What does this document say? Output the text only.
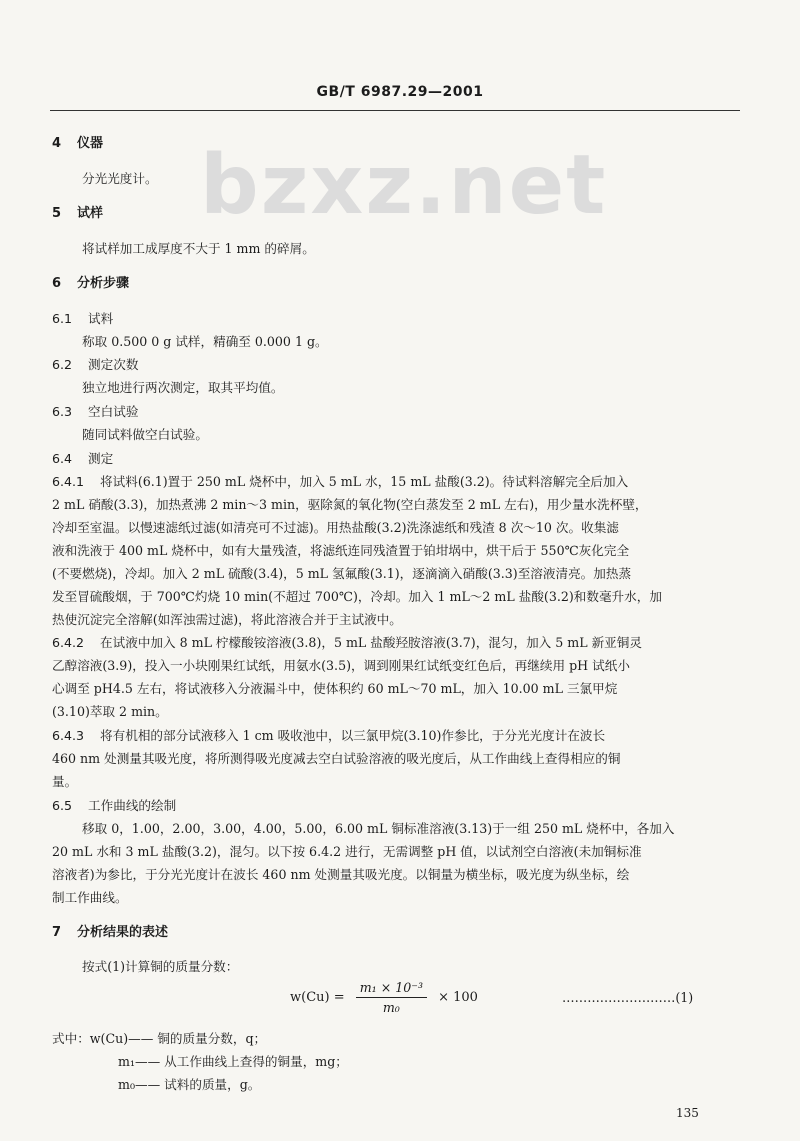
bzxz.net
GB/T 6987.29—2001
4 仪器
分光光度计。
5 试样
将试样加工成厚度不大于 1 mm 的碎屑。
6 分析步骤
6.1 试料
称取 0.500 0 g 试样，精确至 0.000 1 g。
6.2 测定次数
独立地进行两次测定，取其平均值。
6.3 空白试验
随同试料做空白试验。
6.4 测定
6.4.1 将试料(6.1)置于 250 mL 烧杯中，加入 5 mL 水，15 mL 盐酸(3.2)。待试料溶解完全后加入
2 mL 硝酸(3.3)，加热煮沸 2 min～3 min，驱除氮的氧化物(空白蒸发至 2 mL 左右)，用少量水洗杯壁，
冷却至室温。以慢速滤纸过滤(如清亮可不过滤)。用热盐酸(3.2)洗涤滤纸和残渣 8 次～10 次。收集滤
液和洗液于 400 mL 烧杯中，如有大量残渣，将滤纸连同残渣置于铂坩埚中，烘干后于 550℃灰化完全
(不要燃烧)，冷却。加入 2 mL 硫酸(3.4)，5 mL 氢氟酸(3.1)，逐滴滴入硝酸(3.3)至溶液清亮。加热蒸
发至冒硫酸烟，于 700℃灼烧 10 min(不超过 700℃)，冷却。加入 1 mL～2 mL 盐酸(3.2)和数毫升水，加
热使沉淀完全溶解(如浑浊需过滤)，将此溶液合并于主试液中。
6.4.2 在试液中加入 8 mL 柠檬酸铵溶液(3.8)，5 mL 盐酸羟胺溶液(3.7)，混匀，加入 5 mL 新亚铜灵
乙醇溶液(3.9)，投入一小块刚果红试纸，用氨水(3.5)，调到刚果红试纸变红色后，再继续用 pH 试纸小
心调至 pH4.5 左右，将试液移入分液漏斗中，使体积约 60 mL～70 mL，加入 10.00 mL 三氯甲烷
(3.10)萃取 2 min。
6.4.3 将有机相的部分试液移入 1 cm 吸收池中，以三氯甲烷(3.10)作参比，于分光光度计在波长
460 nm 处测量其吸光度，将所测得吸光度减去空白试验溶液的吸光度后，从工作曲线上查得相应的铜
量。
6.5 工作曲线的绘制
移取 0，1.00，2.00，3.00，4.00，5.00，6.00 mL 铜标准溶液(3.13)于一组 250 mL 烧杯中，各加入
20 mL 水和 3 mL 盐酸(3.2)，混匀。以下按 6.4.2 进行，无需调整 pH 值，以试剂空白溶液(未加铜标准
溶液者)为参比，于分光光度计在波长 460 nm 处测量其吸光度。以铜量为横坐标，吸光度为纵坐标，绘
制工作曲线。
7 分析结果的表述
按式(1)计算铜的质量分数：
$w(Cu) = \frac{\text{m₁ × 10⁻³}}{\text{m₀}} \times 100$	………………………(1)
式中：w(Cu)—— 铜的质量分数，q；
m₁—— 从工作曲线上查得的铜量，mg；
m₀—— 试料的质量，g。
135
